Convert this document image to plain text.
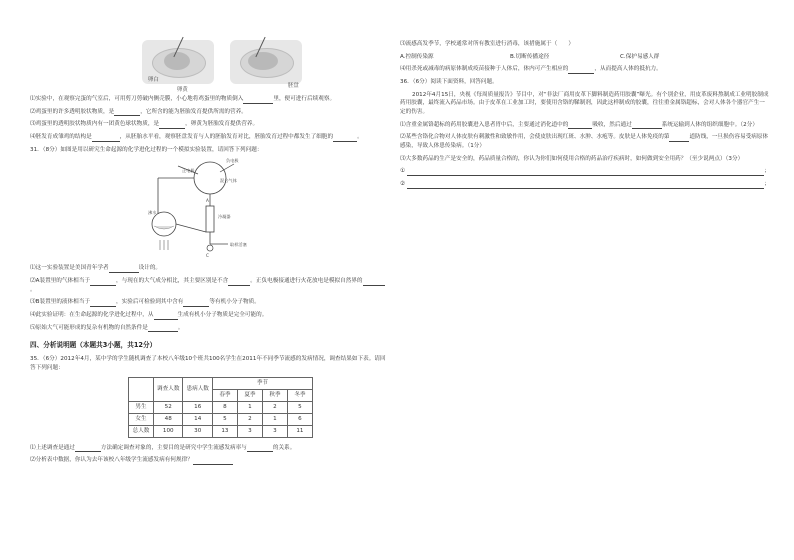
卵白
卵黄
胚盘

⑴实验中，在观察完蛋的气室后，可用剪刀剪破内侧壳膜，小心地将鸡蛋里的物质倒入	里，便可进行后续观察。

⑵鸡蛋里的许多透明胶状物质，是	，它所含的能为胚胎发育提供所需的营养。

⑶鸡蛋里的透明胶状物质内有一团黄色球状物质，是	，卵黄为胚胎发育提供营养。

⑷胚发育成雏鸡的结构是	，从胚胎水平看，观察胚盘发育与人的胚胎发育对比，胚胎发育过程中都发生了细胞的	。

31．（8分）如图是用以研究生命起源的化学进化过程的一个模拟实验装置，请回答下列问题：

正电极
负电极
混合气体
A
沸水
冷凝器
取样活塞
C

⑴这一实验装置是美国青年学者	设计的。

⑵A装置里的气体相当于	，与现在的大气成分相比，其主要区别是不含	。正负电极接通进行火花放电是模拟自然界的。

⑶B装置里的液体相当于	，实验后可检验到其中含有	等有机小分子物质。

⑷此实验证明：在生命起源的化学进化过程中，从	生成有机小分子物质是完全可能的。

⑸原始大气可能形成的复杂有机物的自然条件是	。

四、分析说明题（本题共3小题，共12分）

35．（6分）2012年4月，某中学的学生随机调查了本校八年级10个班共100名学生在2011年不同季节流感的发病情况，调查结果如下表。请回答下列问题：

	调查人数	患病人数	季节			
			春季	夏季	秋季	冬季
男生	52	16	8	1	2	5
女生	48	14	5	2	1	6
总人数	100	30	13	3	3	11

⑴上述调查是通过	方法确定调查对象的，主要目的是研究中学生流感发病率与	的关系。

⑵分析表中数据，你认为去年该校八年级学生流感发病有何规律？

⑶流感高发季节，学校通常对所有教室进行消毒，该措施属于（　　）

A.控制传染源	B.切断传播途径	C.保护易感人群

⑷用杀死或减毒的病原体制成疫苗接种于人体后，体内可产生相应的	，从而提高人体的抵抗力。

36．（6分）阅读下面资料，回答问题。

2012年4月15日，央视《每周质量报告》节目中，对“非法厂商用皮革下脚料制造药用胶囊”曝光。有个别企业，用皮革废料熬制成工业明胶制成药用胶囊，最终流入药品市场。由于皮革在工业加工时，要使用含铬的鞣制剂，因此这样制成的胶囊，往往重金属铬超标，会对人体各个器官产生一定的伤害。

⑴含重金属铬超标的药用胶囊进入患者胃中后，主要通过消化道中的	吸收，然后通过	系统运输到人体的组织细胞中。（2分）

⑵某些含铬化合物对人体皮肤有刺激性和致敏作用，会使皮肤出现红斑、水肿、水疱等。皮肤是人体免疫的第	道防线，一旦损伤容易受病原体感染，导致人体患传染病。（1分）

⑶大多数药品的生产是安全的，药品质量合格的，你认为你们如何使用合格的药品治疗疾病时，如何做到安全用药？（至少说两点）（3分）

①	；
②	；
